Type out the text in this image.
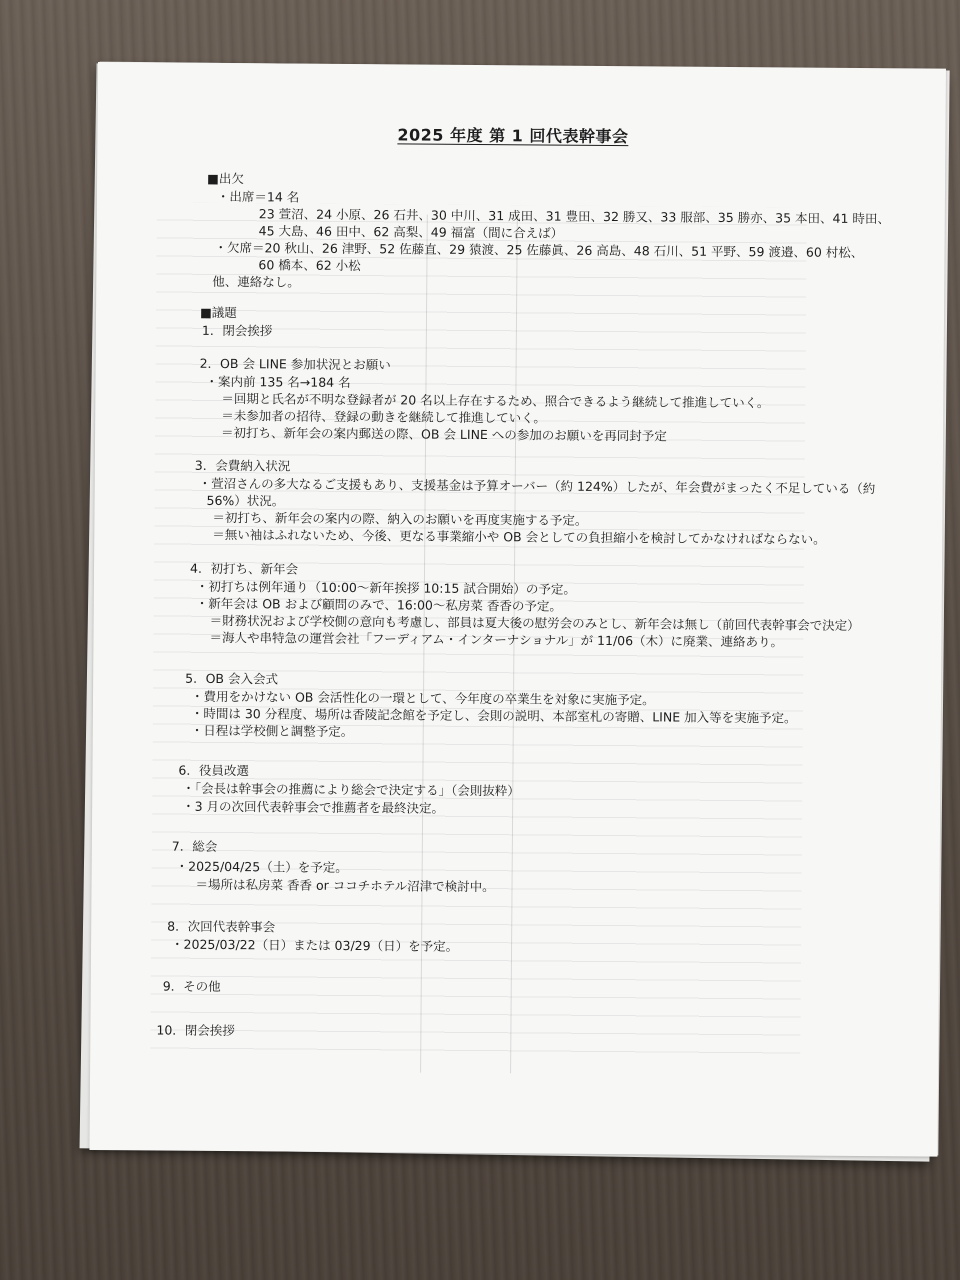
2025 年度 第 1 回代表幹事会
■出欠
・出席＝14 名
23 萱沼、24 小原、26 石井、30 中川、31 成田、31 豊田、32 勝又、33 服部、35 勝亦、35 本田、41 時田、
45 大島、46 田中、62 高梨、49 福富（間に合えば）
・欠席＝20 秋山、26 津野、52 佐藤直、29 猿渡、25 佐藤眞、26 高島、48 石川、51 平野、59 渡邉、60 村松、
60 橋本、62 小松
他、連絡なし。
■議題
1．閉会挨拶
2．OB 会 LINE 参加状況とお願い
・案内前 135 名→184 名
＝回期と氏名が不明な登録者が 20 名以上存在するため、照合できるよう継続して推進していく。
＝未参加者の招待、登録の動きを継続して推進していく。
＝初打ち、新年会の案内郵送の際、OB 会 LINE への参加のお願いを再同封予定
3．会費納入状況
・萱沼さんの多大なるご支援もあり、支援基金は予算オーバー（約 124%）したが、年会費がまったく不足している（約
56%）状況。
＝初打ち、新年会の案内の際、納入のお願いを再度実施する予定。
＝無い袖はふれないため、今後、更なる事業縮小や OB 会としての負担縮小を検討してかなければならない。
4．初打ち、新年会
・初打ちは例年通り（10:00～新年挨拶 10:15 試合開始）の予定。
・新年会は OB および顧問のみで、16:00～私房菜 香香の予定。
＝財務状況および学校側の意向も考慮し、部員は夏大後の慰労会のみとし、新年会は無し（前回代表幹事会で決定）
＝海人や串特急の運営会社「フーディアム・インターナショナル」が 11/06（木）に廃業、連絡あり。
5．OB 会入会式
・費用をかけない OB 会活性化の一環として、今年度の卒業生を対象に実施予定。
・時間は 30 分程度、場所は香陵記念館を予定し、会則の説明、本部室札の寄贈、LINE 加入等を実施予定。
・日程は学校側と調整予定。
6．役員改選
・「会長は幹事会の推薦により総会で決定する」（会則抜粋）
・3 月の次回代表幹事会で推薦者を最終決定。
7．総会
・2025/04/25（土）を予定。
＝場所は私房菜 香香 or ココチホテル沼津で検討中。
8．次回代表幹事会
・2025/03/22（日）または 03/29（日）を予定。
9．その他
10．閉会挨拶
